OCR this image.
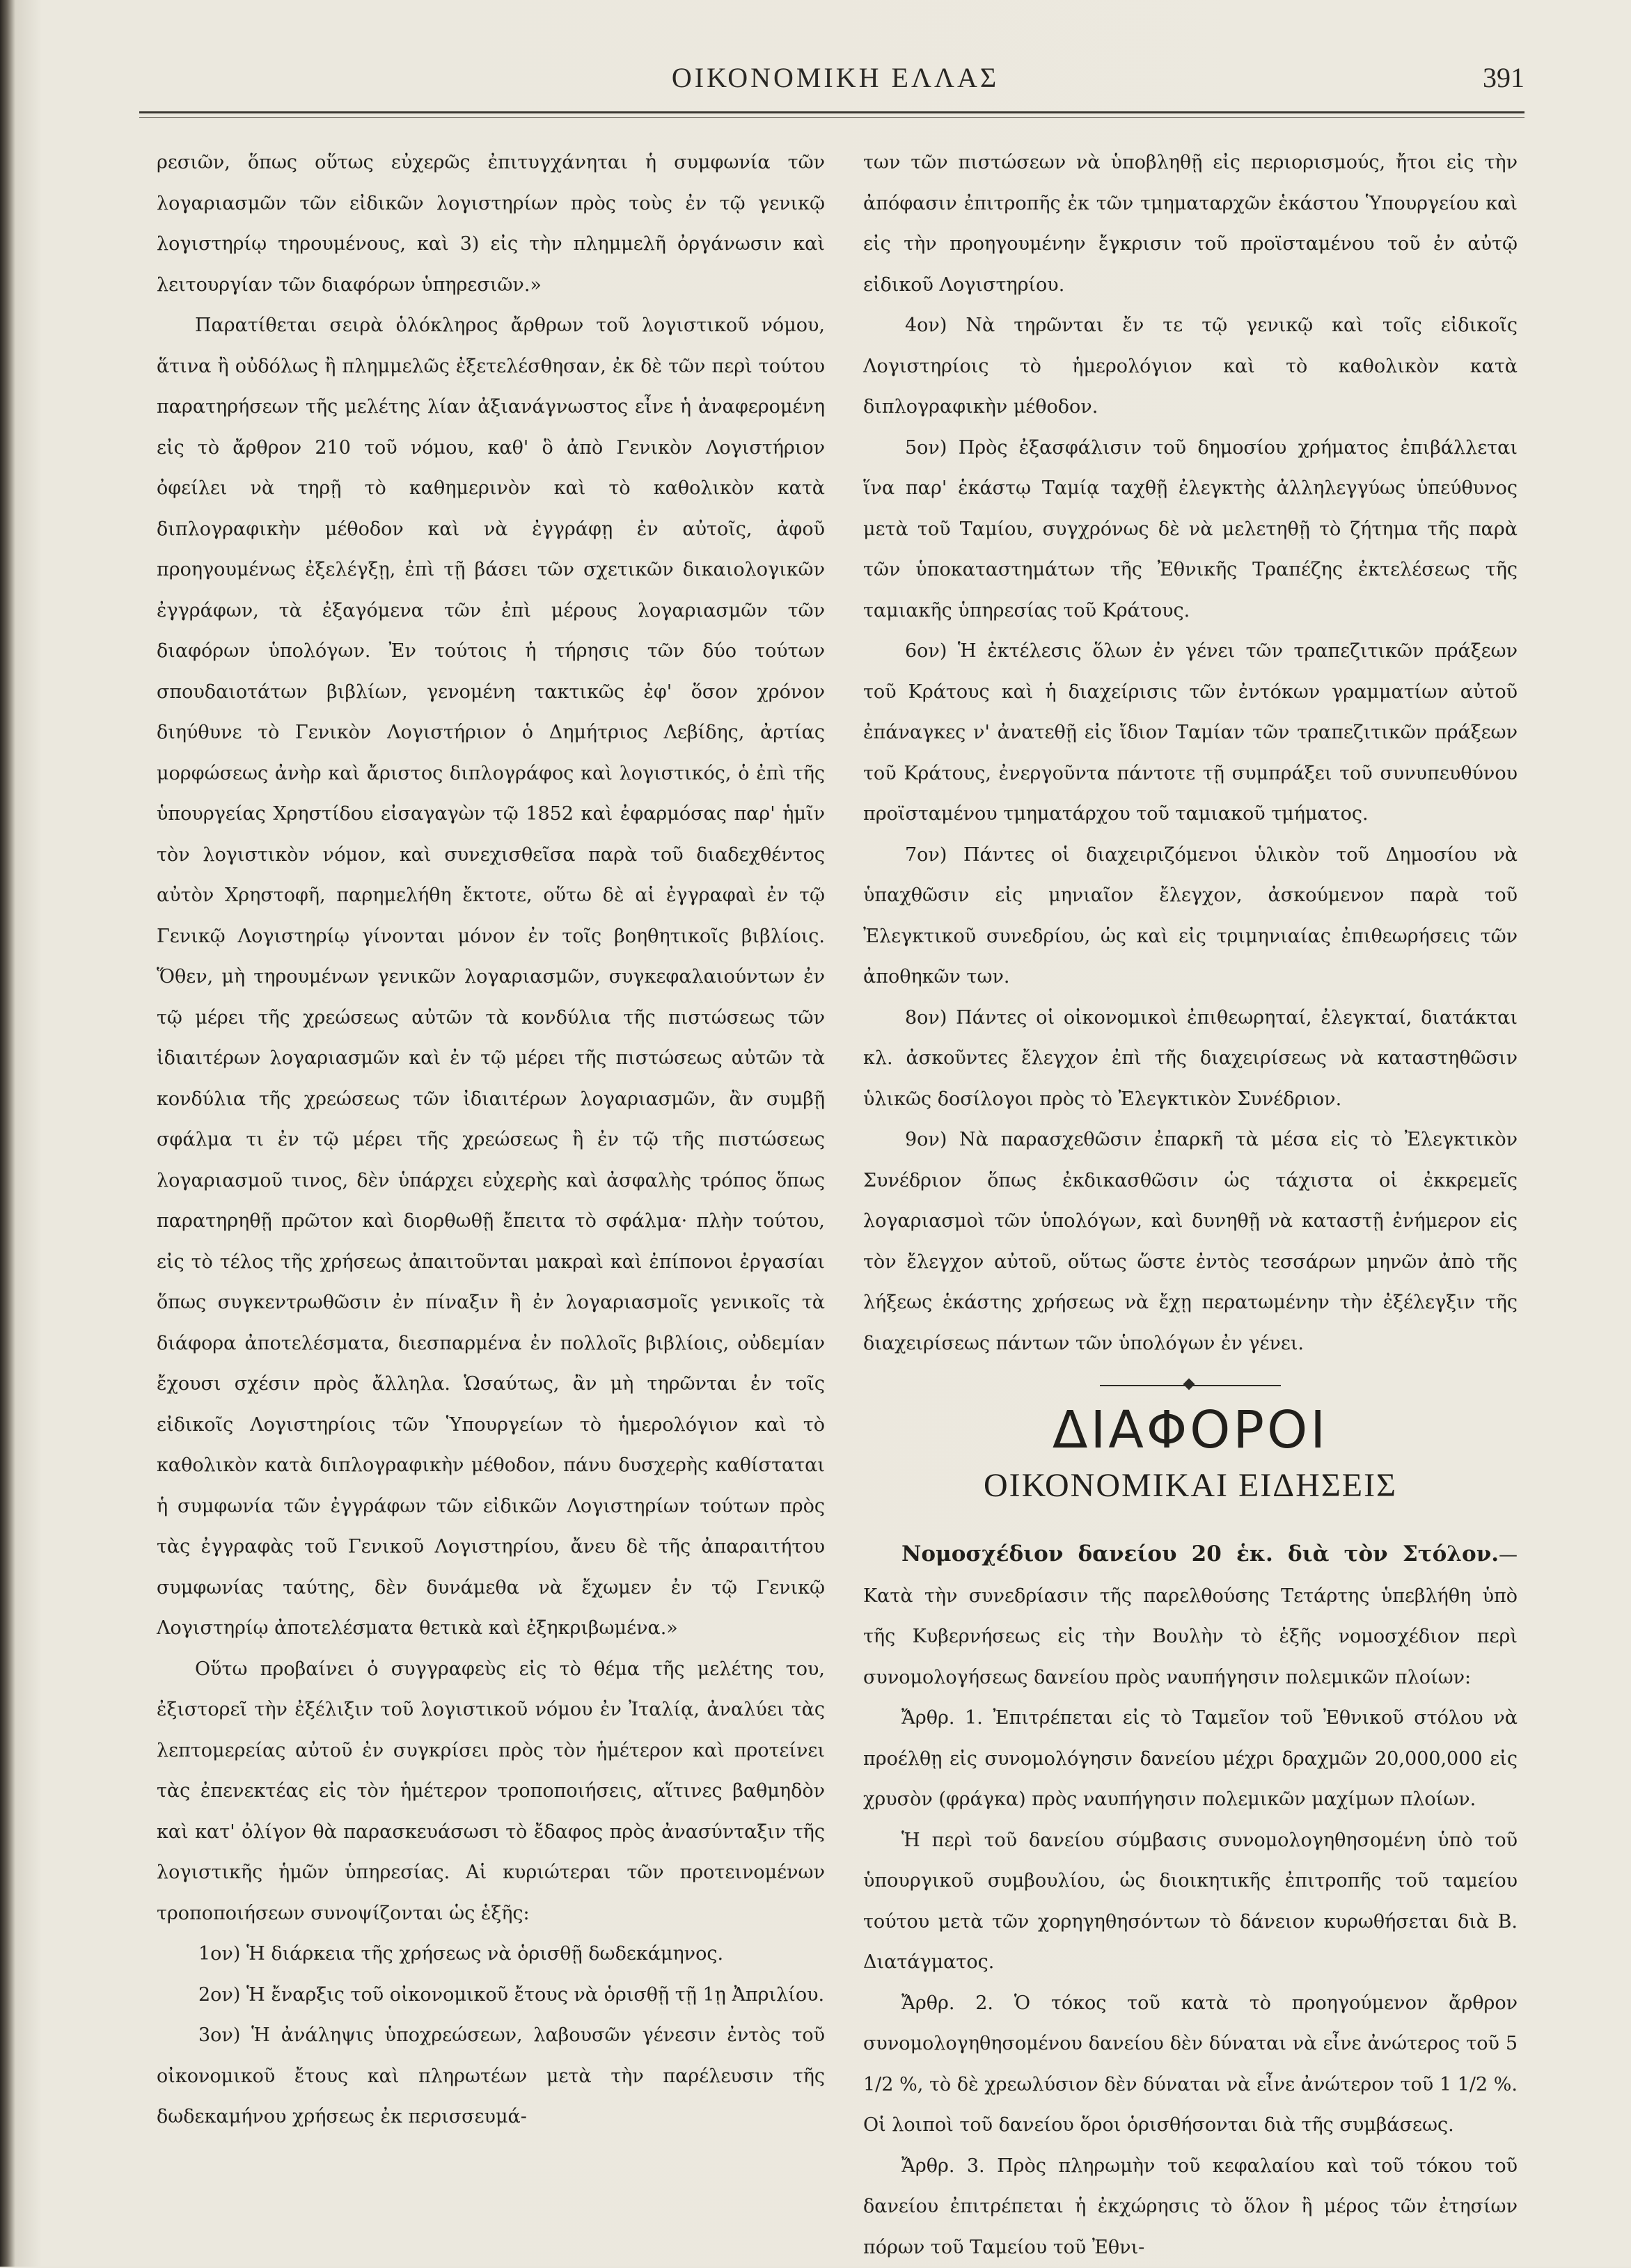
ΟΙΚΟΝΟΜΙΚΗ ΕΛΛΑΣ	391

ρεσιῶν, ὅπως οὕτως εὐχερῶς ἐπιτυγχάνηται ἡ συμφωνία τῶν λογαριασμῶν τῶν εἰδικῶν λογιστηρίων πρὸς τοὺς ἐν τῷ γενικῷ λογιστηρίῳ τηρουμένους, καὶ 3) εἰς τὴν πλημμελῆ ὀργάνωσιν καὶ λειτουργίαν τῶν διαφόρων ὑπηρεσιῶν.»

Παρατίθεται σειρὰ ὁλόκληρος ἄρθρων τοῦ λογιστικοῦ νόμου, ἅτινα ἢ οὐδόλως ἢ πλημμελῶς ἐξετελέσθησαν, ἐκ δὲ τῶν περὶ τούτου παρατηρήσεων τῆς μελέτης λίαν ἀξιανάγνωστος εἶνε ἡ ἀναφερομένη εἰς τὸ ἄρθρον 210 τοῦ νόμου, καθ' ὃ ἀπὸ Γενικὸν Λογιστήριον ὀφείλει νὰ τηρῇ τὸ καθημερινὸν καὶ τὸ καθολικὸν κατὰ διπλογραφικὴν μέθοδον καὶ νὰ ἐγγράφῃ ἐν αὐτοῖς, ἀφοῦ προηγουμένως ἐξελέγξῃ, ἐπὶ τῇ βάσει τῶν σχετικῶν δικαιολογικῶν ἐγγράφων, τὰ ἐξαγόμενα τῶν ἐπὶ μέρους λογαριασμῶν τῶν διαφόρων ὑπολόγων. Ἐν τούτοις ἡ τήρησις τῶν δύο τούτων σπουδαιοτάτων βιβλίων, γενομένη τακτικῶς ἐφ' ὅσον χρόνον διηύθυνε τὸ Γενικὸν Λογιστήριον ὁ Δημήτριος Λεβίδης, ἀρτίας μορφώσεως ἀνὴρ καὶ ἄριστος διπλογράφος καὶ λογιστικός, ὁ ἐπὶ τῆς ὑπουργείας Χρηστίδου εἰσαγαγὼν τῷ 1852 καὶ ἐφαρμόσας παρ' ἡμῖν τὸν λογιστικὸν νόμον, καὶ συνεχισθεῖσα παρὰ τοῦ διαδεχθέντος αὐτὸν Χρηστοφῆ, παρημελήθη ἔκτοτε, οὕτω δὲ αἱ ἐγγραφαὶ ἐν τῷ Γενικῷ Λογιστηρίῳ γίνονται μόνον ἐν τοῖς βοηθητικοῖς βιβλίοις. Ὅθεν, μὴ τηρουμένων γενικῶν λογαριασμῶν, συγκεφαλαιούντων ἐν τῷ μέρει τῆς χρεώσεως αὐτῶν τὰ κονδύλια τῆς πιστώσεως τῶν ἰδιαιτέρων λογαριασμῶν καὶ ἐν τῷ μέρει τῆς πιστώσεως αὐτῶν τὰ κονδύλια τῆς χρεώσεως τῶν ἰδιαιτέρων λογαριασμῶν, ἂν συμβῇ σφάλμα τι ἐν τῷ μέρει τῆς χρεώσεως ἢ ἐν τῷ τῆς πιστώσεως λογαριασμοῦ τινος, δὲν ὑπάρχει εὐχερὴς καὶ ἀσφαλὴς τρόπος ὅπως παρατηρηθῇ πρῶτον καὶ διορθωθῇ ἔπειτα τὸ σφάλμα· πλὴν τούτου, εἰς τὸ τέλος τῆς χρήσεως ἀπαιτοῦνται μακραὶ καὶ ἐπίπονοι ἐργασίαι ὅπως συγκεντρωθῶσιν ἐν πίναξιν ἢ ἐν λογαριασμοῖς γενικοῖς τὰ διάφορα ἀποτελέσματα, διεσπαρμένα ἐν πολλοῖς βιβλίοις, οὐδεμίαν ἔχουσι σχέσιν πρὸς ἄλληλα. Ὡσαύτως, ἂν μὴ τηρῶνται ἐν τοῖς εἰδικοῖς Λογιστηρίοις τῶν Ὑπουργείων τὸ ἡμερολόγιον καὶ τὸ καθολικὸν κατὰ διπλογραφικὴν μέθοδον, πάνυ δυσχερὴς καθίσταται ἡ συμφωνία τῶν ἐγγράφων τῶν εἰδικῶν Λογιστηρίων τούτων πρὸς τὰς ἐγγραφὰς τοῦ Γενικοῦ Λογιστηρίου, ἄνευ δὲ τῆς ἀπαραιτήτου συμφωνίας ταύτης, δὲν δυνάμεθα νὰ ἔχωμεν ἐν τῷ Γενικῷ Λογιστηρίῳ ἀποτελέσματα θετικὰ καὶ ἐξηκριβωμένα.»

Οὕτω προβαίνει ὁ συγγραφεὺς εἰς τὸ θέμα τῆς μελέτης του, ἐξιστορεῖ τὴν ἐξέλιξιν τοῦ λογιστικοῦ νόμου ἐν Ἰταλίᾳ, ἀναλύει τὰς λεπτομερείας αὐτοῦ ἐν συγκρίσει πρὸς τὸν ἡμέτερον καὶ προτείνει τὰς ἐπενεκτέας εἰς τὸν ἡμέτερον τροποποιήσεις, αἵτινες βαθμηδὸν καὶ κατ' ὀλίγον θὰ παρασκευάσωσι τὸ ἔδαφος πρὸς ἀνασύνταξιν τῆς λογιστικῆς ἡμῶν ὑπηρεσίας. Αἱ κυριώτεραι τῶν προτεινομένων τροποποιήσεων συνοψίζονται ὡς ἑξῆς:

1ον) Ἡ διάρκεια τῆς χρήσεως νὰ ὁρισθῇ δωδεκάμηνος.

2ον) Ἡ ἔναρξις τοῦ οἰκονομικοῦ ἔτους νὰ ὁρισθῇ τῇ 1ῃ Ἀπριλίου.

3ον) Ἡ ἀνάληψις ὑποχρεώσεων, λαβουσῶν γένεσιν ἐντὸς τοῦ οἰκονομικοῦ ἔτους καὶ πληρωτέων μετὰ τὴν παρέλευσιν τῆς δωδεκαμήνου χρήσεως ἐκ περισσευμά-

των τῶν πιστώσεων νὰ ὑποβληθῇ εἰς περιορισμούς, ἤτοι εἰς τὴν ἀπόφασιν ἐπιτροπῆς ἐκ τῶν τμηματαρχῶν ἑκάστου Ὑπουργείου καὶ εἰς τὴν προηγουμένην ἔγκρισιν τοῦ προϊσταμένου τοῦ ἐν αὐτῷ εἰδικοῦ Λογιστηρίου.

4ον) Νὰ τηρῶνται ἔν τε τῷ γενικῷ καὶ τοῖς εἰδικοῖς Λογιστηρίοις τὸ ἡμερολόγιον καὶ τὸ καθολικὸν κατὰ διπλογραφικὴν μέθοδον.

5ον) Πρὸς ἐξασφάλισιν τοῦ δημοσίου χρήματος ἐπιβάλλεται ἵνα παρ' ἑκάστῳ Ταμίᾳ ταχθῇ ἐλεγκτὴς ἀλληλεγγύως ὑπεύθυνος μετὰ τοῦ Ταμίου, συγχρόνως δὲ νὰ μελετηθῇ τὸ ζήτημα τῆς παρὰ τῶν ὑποκαταστημάτων τῆς Ἐθνικῆς Τραπέζης ἐκτελέσεως τῆς ταμιακῆς ὑπηρεσίας τοῦ Κράτους.

6ον) Ἡ ἐκτέλεσις ὅλων ἐν γένει τῶν τραπεζιτικῶν πράξεων τοῦ Κράτους καὶ ἡ διαχείρισις τῶν ἐντόκων γραμματίων αὐτοῦ ἐπάναγκες ν' ἀνατεθῇ εἰς ἴδιον Ταμίαν τῶν τραπεζιτικῶν πράξεων τοῦ Κράτους, ἐνεργοῦντα πάντοτε τῇ συμπράξει τοῦ συνυπευθύνου προϊσταμένου τμηματάρχου τοῦ ταμιακοῦ τμήματος.

7ον) Πάντες οἱ διαχειριζόμενοι ὑλικὸν τοῦ Δημοσίου νὰ ὑπαχθῶσιν εἰς μηνιαῖον ἔλεγχον, ἀσκούμενον παρὰ τοῦ Ἐλεγκτικοῦ συνεδρίου, ὡς καὶ εἰς τριμηνιαίας ἐπιθεωρήσεις τῶν ἀποθηκῶν των.

8ον) Πάντες οἱ οἰκονομικοὶ ἐπιθεωρηταί, ἐλεγκταί, διατάκται κλ. ἀσκοῦντες ἔλεγχον ἐπὶ τῆς διαχειρίσεως νὰ καταστηθῶσιν ὑλικῶς δοσίλογοι πρὸς τὸ Ἐλεγκτικὸν Συνέδριον.

9ον) Νὰ παρασχεθῶσιν ἐπαρκῆ τὰ μέσα εἰς τὸ Ἐλεγκτικὸν Συνέδριον ὅπως ἐκδικασθῶσιν ὡς τάχιστα οἱ ἐκκρεμεῖς λογαριασμοὶ τῶν ὑπολόγων, καὶ δυνηθῇ νὰ καταστῇ ἐνήμερον εἰς τὸν ἔλεγχον αὐτοῦ, οὕτως ὥστε ἐντὸς τεσσάρων μηνῶν ἀπὸ τῆς λήξεως ἑκάστης χρήσεως νὰ ἔχῃ περατωμένην τὴν ἐξέλεγξιν τῆς διαχειρίσεως πάντων τῶν ὑπολόγων ἐν γένει.

ΔΙΑΦΟΡΟΙ
ΟΙΚΟΝΟΜΙΚΑΙ ΕΙΔΗΣΕΙΣ

Νομοσχέδιον δανείου 20 ἑκ. διὰ τὸν Στόλον.— Κατὰ τὴν συνεδρίασιν τῆς παρελθούσης Τετάρτης ὑπεβλήθη ὑπὸ τῆς Κυβερνήσεως εἰς τὴν Βουλὴν τὸ ἑξῆς νομοσχέδιον περὶ συνομολογήσεως δανείου πρὸς ναυπήγησιν πολεμικῶν πλοίων:

Ἄρθρ. 1. Ἐπιτρέπεται εἰς τὸ Ταμεῖον τοῦ Ἐθνικοῦ στόλου νὰ προέλθῃ εἰς συνομολόγησιν δανείου μέχρι δραχμῶν 20,000,000 εἰς χρυσὸν (φράγκα) πρὸς ναυπήγησιν πολεμικῶν μαχίμων πλοίων.

Ἡ περὶ τοῦ δανείου σύμβασις συνομολογηθησομένη ὑπὸ τοῦ ὑπουργικοῦ συμβουλίου, ὡς διοικητικῆς ἐπιτροπῆς τοῦ ταμείου τούτου μετὰ τῶν χορηγηθησόντων τὸ δάνειον κυρωθήσεται διὰ Β. Διατάγματος.

Ἄρθρ. 2. Ὁ τόκος τοῦ κατὰ τὸ προηγούμενον ἄρθρον συνομολογηθησομένου δανείου δὲν δύναται νὰ εἶνε ἀνώτερος τοῦ 5 1/2 %, τὸ δὲ χρεωλύσιον δὲν δύναται νὰ εἶνε ἀνώτερον τοῦ 1 1/2 %. Οἱ λοιποὶ τοῦ δανείου ὅροι ὁρισθήσονται διὰ τῆς συμβάσεως.

Ἄρθρ. 3. Πρὸς πληρωμὴν τοῦ κεφαλαίου καὶ τοῦ τόκου τοῦ δανείου ἐπιτρέπεται ἡ ἐκχώρησις τὸ ὅλον ἢ μέρος τῶν ἐτησίων πόρων τοῦ Ταμείου τοῦ Ἐθνι-
